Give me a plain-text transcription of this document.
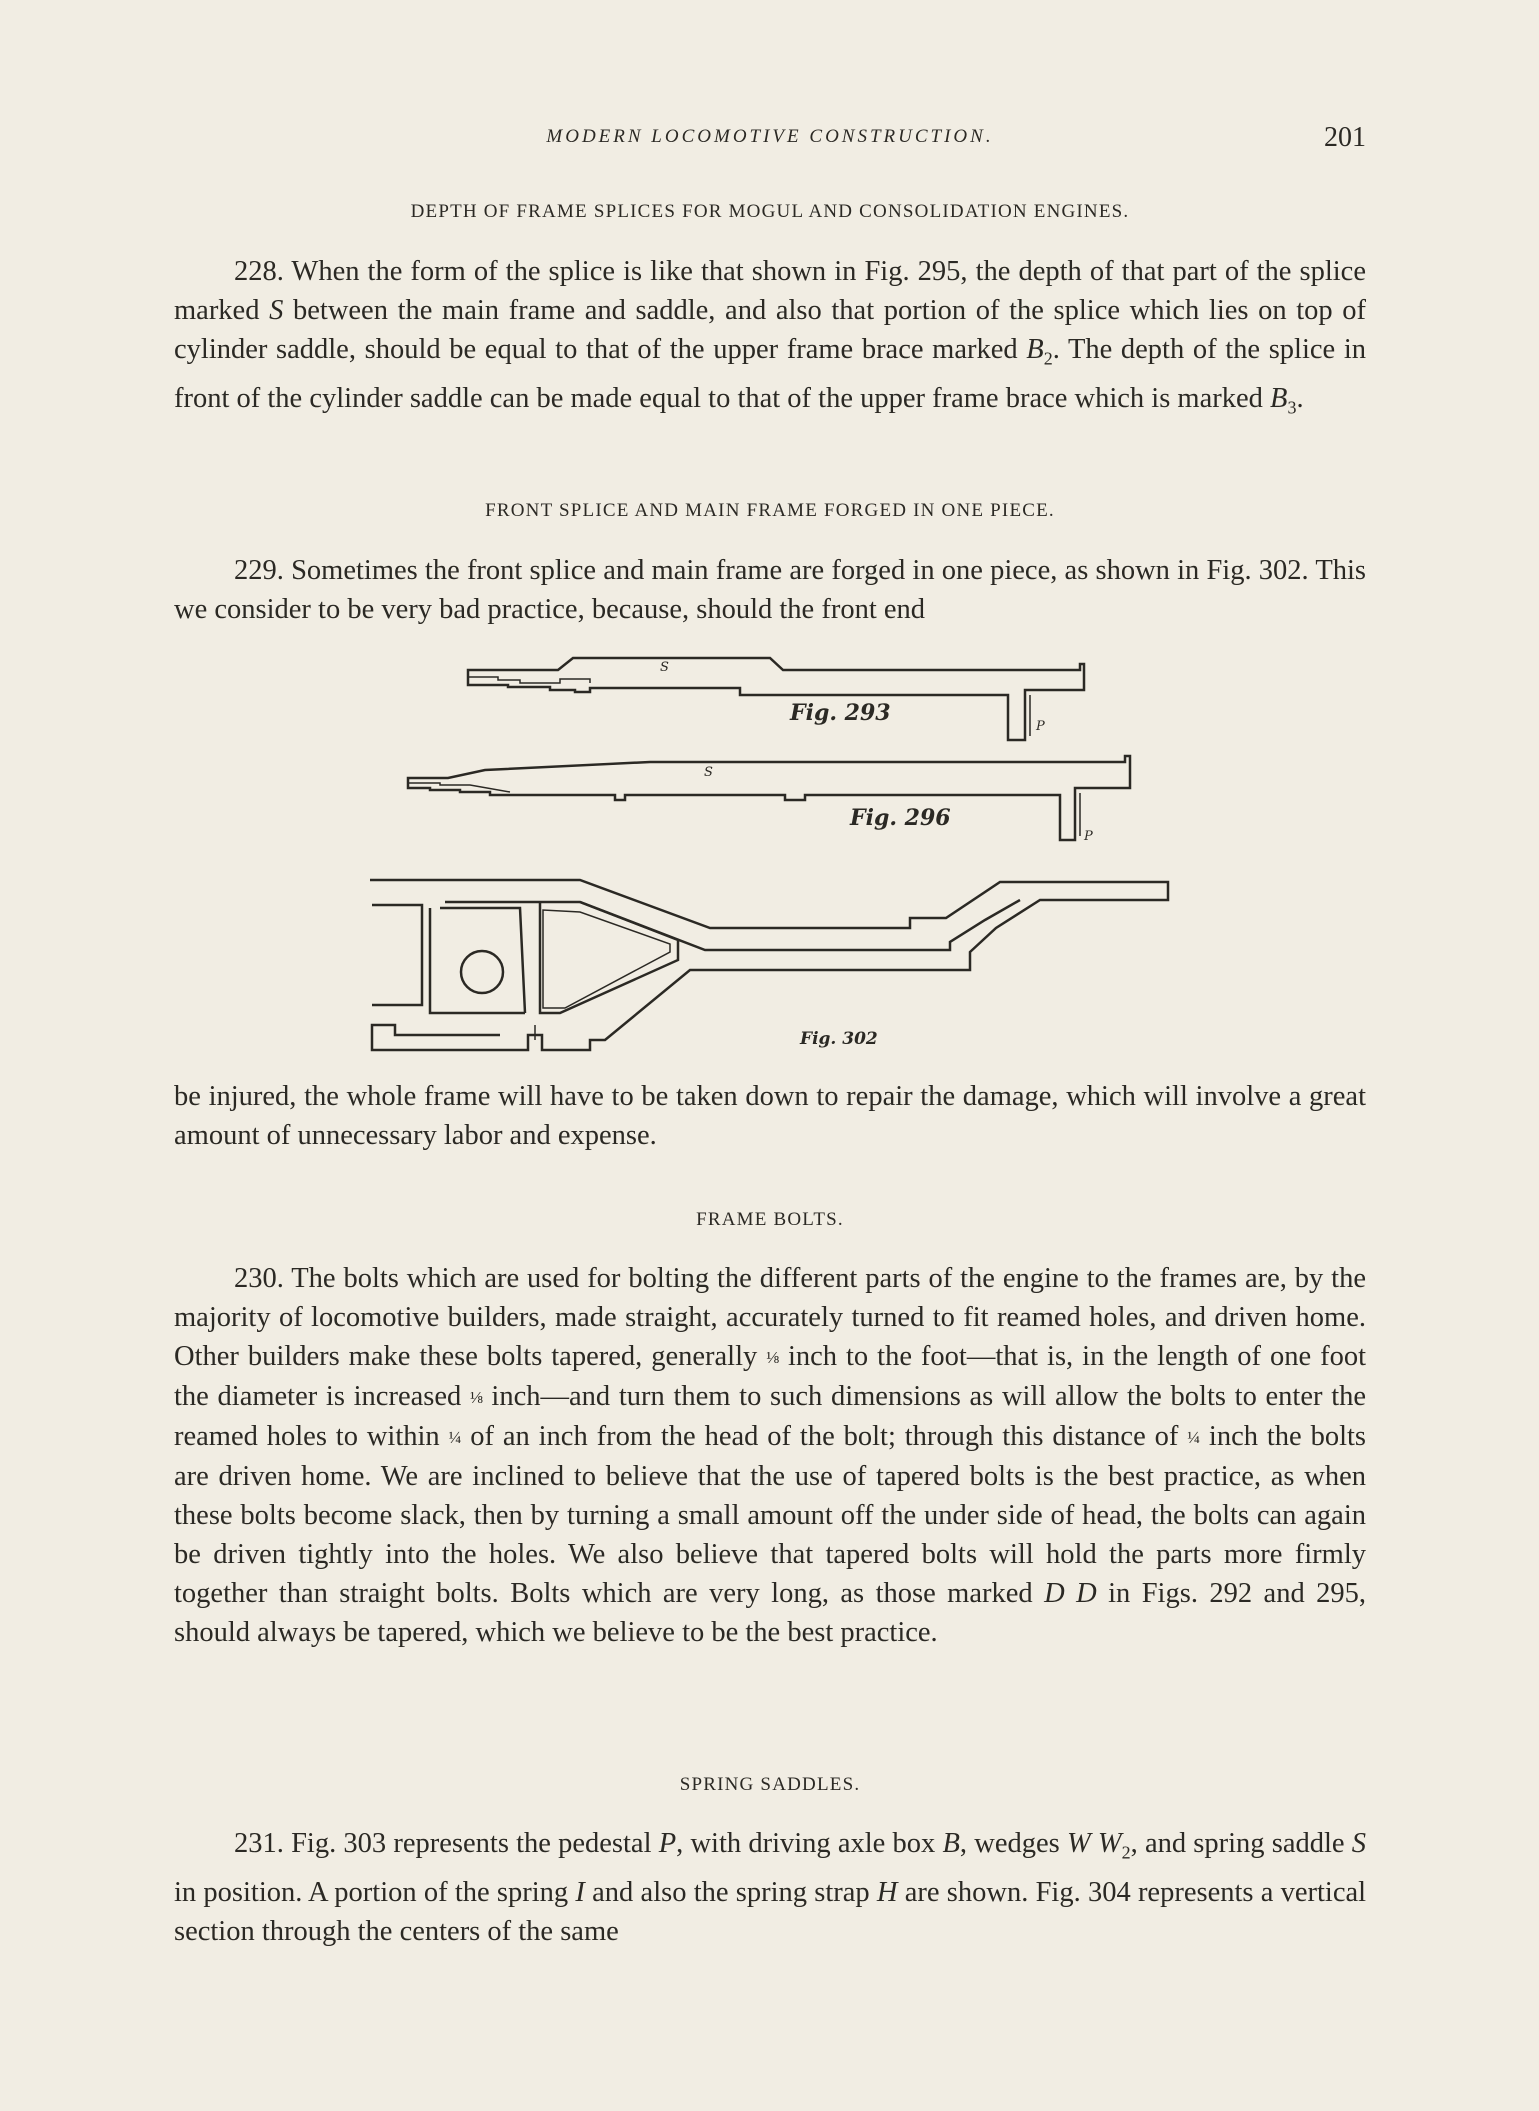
MODERN LOCOMOTIVE CONSTRUCTION.	201
DEPTH OF FRAME SPLICES FOR MOGUL AND CONSOLIDATION ENGINES.

228. When the form of the splice is like that shown in Fig. 295, the depth of that part of the splice marked S between the main frame and saddle, and also that portion of the splice which lies on top of cylinder saddle, should be equal to that of the upper frame brace marked $B_2$. The depth of the splice in front of the cylinder saddle can be made equal to that of the upper frame brace which is marked $B_3$.

FRONT SPLICE AND MAIN FRAME FORGED IN ONE PIECE.

229. Sometimes the front splice and main frame are forged in one piece, as shown in Fig. 302. This we consider to be very bad practice, because, should the front end

S
Fig. 293
P
S
Fig. 296
P
Fig. 302

be injured, the whole frame will have to be taken down to repair the damage, which will involve a great amount of unnecessary labor and expense.

FRAME BOLTS.

230. The bolts which are used for bolting the different parts of the engine to the frames are, by the majority of locomotive builders, made straight, accurately turned to fit reamed holes, and driven home. Other builders make these bolts tapered, generally ⅛ inch to the foot—that is, in the length of one foot the diameter is increased ⅛ inch—and turn them to such dimensions as will allow the bolts to enter the reamed holes to within ¼ of an inch from the head of the bolt; through this distance of ¼ inch the bolts are driven home. We are inclined to believe that the use of tapered bolts is the best practice, as when these bolts become slack, then by turning a small amount off the under side of head, the bolts can again be driven tightly into the holes. We also believe that tapered bolts will hold the parts more firmly together than straight bolts. Bolts which are very long, as those marked D D in Figs. 292 and 295, should always be tapered, which we believe to be the best practice.

SPRING SADDLES.

231. Fig. 303 represents the pedestal P, with driving axle box B, wedges W $W_2$, and spring saddle S in position. A portion of the spring I and also the spring strap H are shown. Fig. 304 represents a vertical section through the centers of the same
